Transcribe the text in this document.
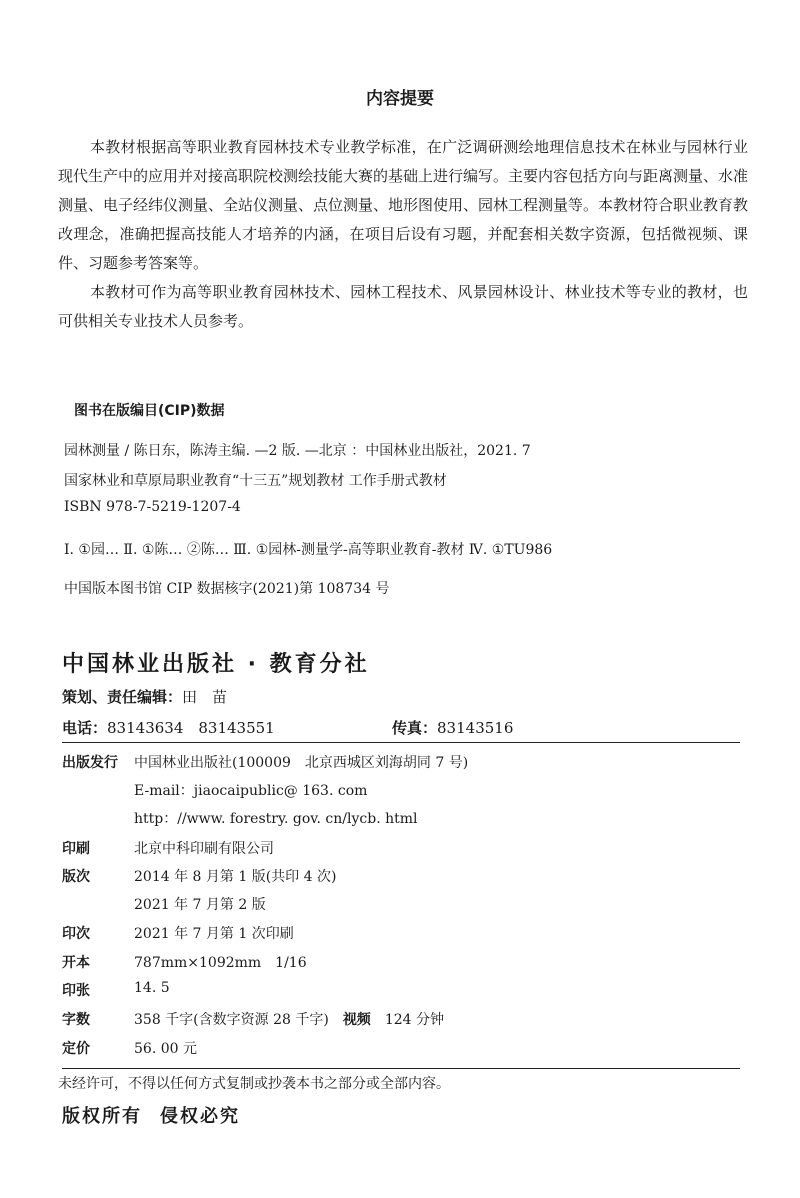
内容提要
本教材根据高等职业教育园林技术专业教学标准，在广泛调研测绘地理信息技术在林业与园林行业现代生产中的应用并对接高职院校测绘技能大赛的基础上进行编写。主要内容包括方向与距离测量、水准测量、电子经纬仪测量、全站仪测量、点位测量、地形图使用、园林工程测量等。本教材符合职业教育教改理念，准确把握高技能人才培养的内涵，在项目后设有习题，并配套相关数字资源，包括微视频、课件、习题参考答案等。
本教材可作为高等职业教育园林技术、园林工程技术、风景园林设计、林业技术等专业的教材，也可供相关专业技术人员参考。
图书在版编目(CIP)数据
园林测量 / 陈日东，陈涛主编. —2 版. —北京 ：中国林业出版社，2021. 7
国家林业和草原局职业教育“十三五”规划教材 工作手册式教材
ISBN 978-7-5219-1207-4
Ⅰ. ①园… Ⅱ. ①陈… ②陈… Ⅲ. ①园林-测量学-高等职业教育-教材 Ⅳ. ①TU986
中国版本图书馆 CIP 数据核字(2021)第 108734 号
中国林业出版社 · 教育分社
策划、责任编辑：田　苗
电话：83143634　83143551	传真：83143516
出版发行 中国林业出版社(100009　北京西城区刘海胡同 7 号)
E-mail：jiaocaipublic@ 163. com
http：//www. forestry. gov. cn/lycb. html
印刷	北京中科印刷有限公司
版次	2014 年 8 月第 1 版(共印 4 次)
2021 年 7 月第 2 版
印次	2021 年 7 月第 1 次印刷
开本	787mm×1092mm　1/16
印张	14. 5
字数	358 千字(含数字资源 28 千字) 视频 124 分钟
定价	56. 00 元
未经许可，不得以任何方式复制或抄袭本书之部分或全部内容。
版权所有 侵权必究
